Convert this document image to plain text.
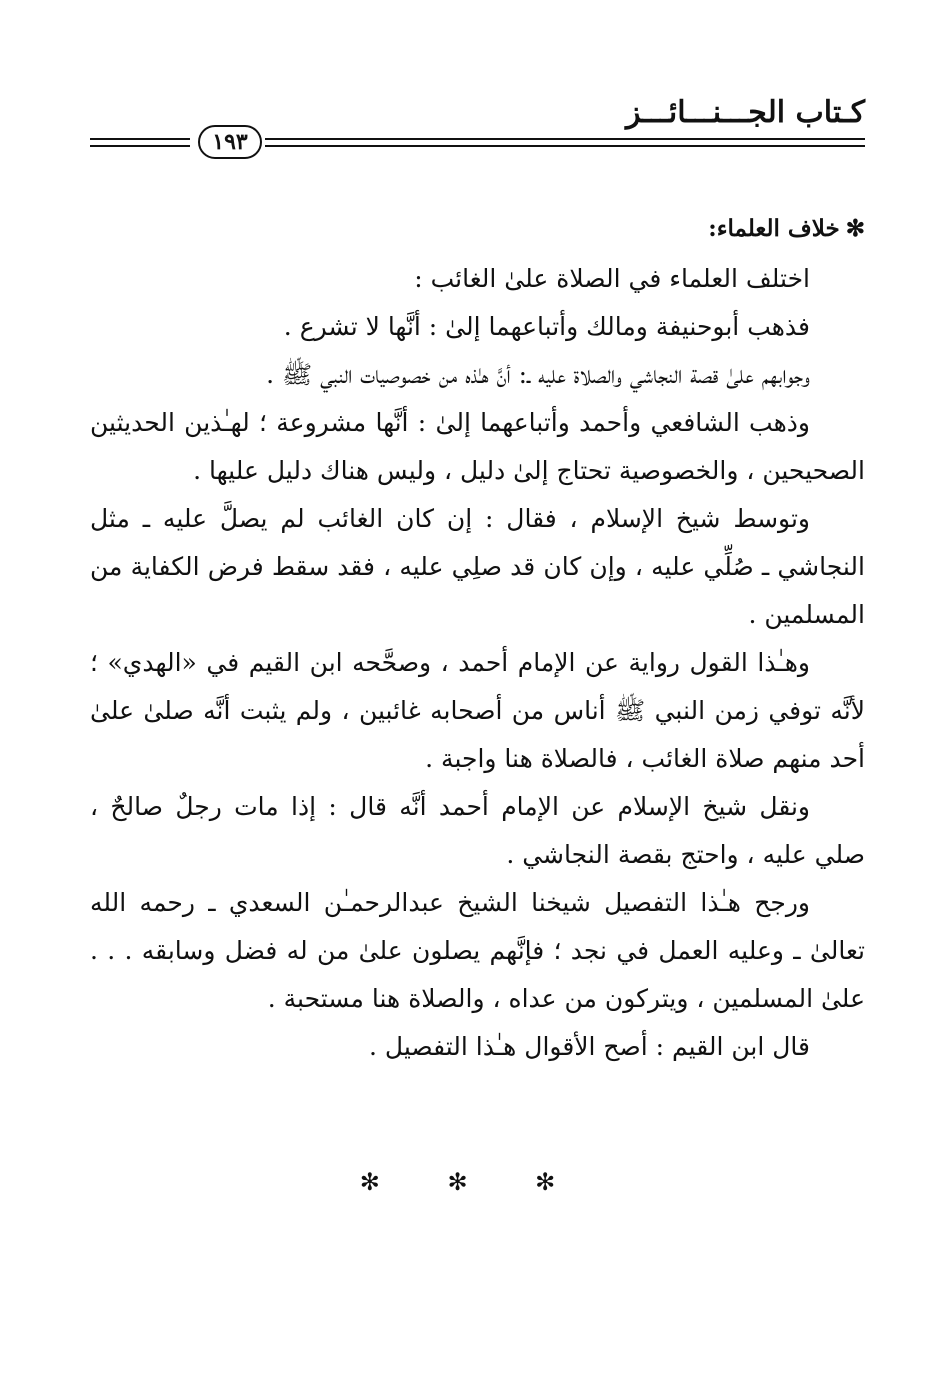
كـتاب الجـــنـــائـــز
١٩٣
✻خلاف العلماء:

اختلف العلماء في الصلاة علىٰ الغائب :

فذهب أبوحنيفة ومالك وأتباعهما إلىٰ : أنَّها لا تشرع .

وجوابهم علىٰ قصة النجاشي والصلاة عليه ـ: أنَّ هـٰذه من خصوصيات النبي ﷺ .

وذهب الشافعي وأحمد وأتباعهما إلىٰ : أنَّها مشروعة ؛ لهـٰذين الحديثين الصحيحين ، والخصوصية تحتاج إلىٰ دليل ، وليس هناك دليل عليها .

وتوسط شيخ الإسلام ، فقال : إن كان الغائب لم يصلَّ عليه ـ مثل النجاشي ـ صُلِّي عليه ، وإن كان قد صلِي عليه ، فقد سقط فرض الكفاية من المسلمين .

وهـٰذا القول رواية عن الإمام أحمد ، وصحَّحه ابن القيم في «الهدي» ؛ لأنَّه توفي زمن النبي ﷺ أناس من أصحابه غائبين ، ولم يثبت أنَّه صلىٰ علىٰ أحد منهم صلاة الغائب ، فالصلاة هنا واجبة .

ونقل شيخ الإسلام عن الإمام أحمد أنَّه قال : إذا مات رجلٌ صالحٌ ، صلي عليه ، واحتج بقصة النجاشي .

ورجح هـٰذا التفصيل شيخنا الشيخ عبدالرحمـٰن السعدي ـ رحمه الله تعالىٰ ـ وعليه العمل في نجد ؛ فإنَّهم يصلون علىٰ من له فضل وسابقه . . . علىٰ المسلمين ، ويتركون من عداه ، والصلاة هنا مستحبة .

قال ابن القيم : أصح الأقوال هـٰذا التفصيل .

✻ ✻ ✻
